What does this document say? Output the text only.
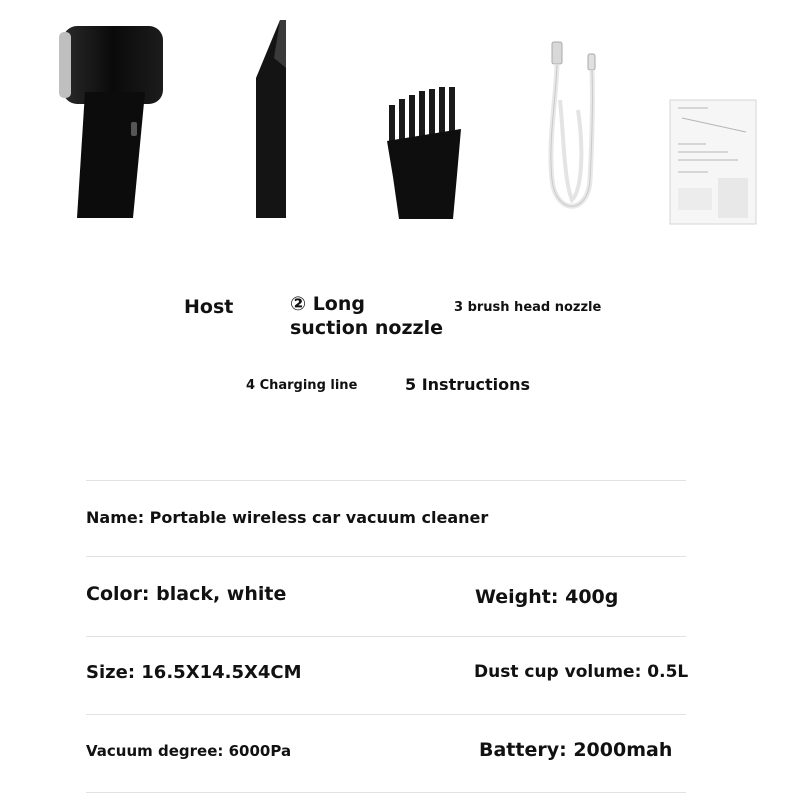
Host	② Long
suction nozzle
3 brush head nozzle
4 Charging line	5 Instructions
Name: Portable wireless car vacuum cleaner
Color: black, white	Weight: 400g
Size: 16.5X14.5X4CM	Dust cup volume: 0.5L
Vacuum degree: 6000Pa	Battery: 2000mah
